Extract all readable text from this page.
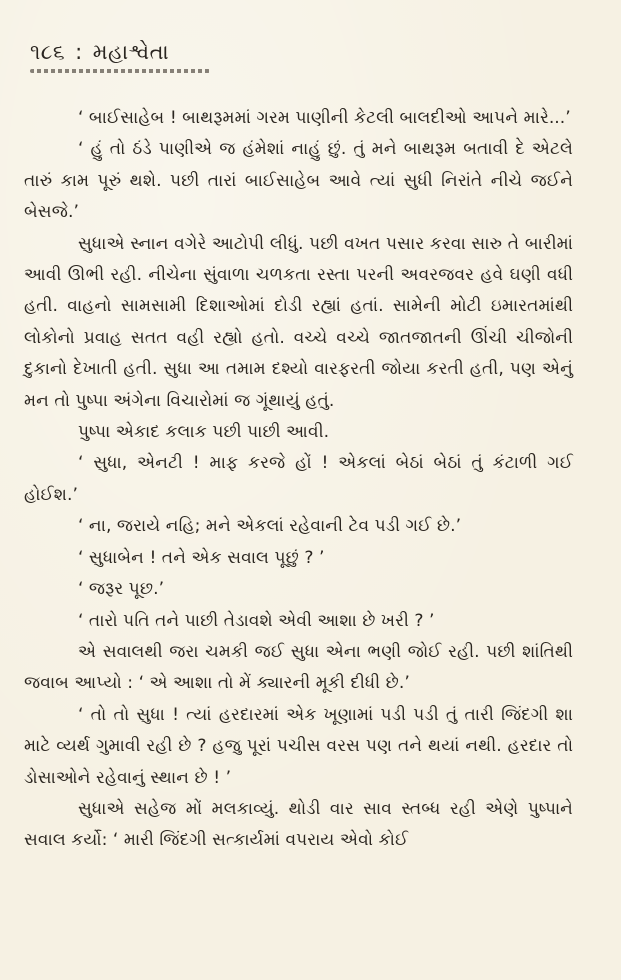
૧૮૬ : મહાશ્વેતા

‘ બાઈસાહેબ ! બાથરૂમમાં ગરમ પાણીની કેટલી બાલદીઓ આપને મારે...’

‘ હું તો ઠંડે પાણીએ જ હંમેશાં નાહું છું. તું મને બાથરૂમ બતાવી દે એટલે તારું કામ પૂરું થશે. પછી તારાં બાઈસાહેબ આવે ત્યાં સુધી નિરાંતે નીચે જઈને બેસજે.’

સુધાએ સ્નાન વગેરે આટોપી લીધું. પછી વખત પસાર કરવા સારુ તે બારીમાં આવી ઊભી રહી. નીચેના સુંવાળા ચળકતા રસ્તા પરની અવરજવર હવે ઘણી વધી હતી. વાહનો સામસામી દિશાઓમાં દોડી રહ્યાં હતાં. સામેની મોટી ઇમારતમાંથી લોકોનો પ્રવાહ સતત વહી રહ્યો હતો. વચ્ચે વચ્ચે જાતજાતની ઊંચી ચીજોની દુકાનો દેખાતી હતી. સુધા આ તમામ દશ્યો વારફરતી જોયા કરતી હતી, પણ એનું મન તો પુષ્પા અંગેના વિચારોમાં જ ગૂંથાયું હતું.

પુષ્પા એકાદ કલાક પછી પાછી આવી.

‘ સુધા, એનટી ! માફ કરજે હોં ! એકલાં બેઠાં બેઠાં તું કંટાળી ગઈ હોઈશ.’

‘ ના, જરાયે નહિ; મને એકલાં રહેવાની ટેવ પડી ગઈ છે.’

‘ સુધાબેન ! તને એક સવાલ પૂછું ? ’

‘ જરૂર પૂછ.’

‘ તારો પતિ તને પાછી તેડાવશે એવી આશા છે ખરી ? ’

એ સવાલથી જરા ચમકી જઈ સુધા એના ભણી જોઈ રહી. પછી શાંતિથી જવાબ આપ્યો : ‘ એ આશા તો મેં ક્યારની મૂકી દીધી છે.’

‘ તો તો સુધા ! ત્યાં હરદારમાં એક ખૂણામાં પડી પડી તું તારી જિંદગી શા માટે વ્યર્થ ગુમાવી રહી છે ? હજુ પૂરાં પચીસ વરસ પણ તને થયાં નથી. હરદાર તો ડોસાઓને રહેવાનું સ્થાન છે ! ’

સુધાએ સહેજ મોં મલકાવ્યું. થોડી વાર સાવ સ્તબ્ધ રહી એણે પુષ્પાને સવાલ કર્યો: ‘ મારી જિંદગી સત્કાર્યમાં વપરાય એવો કોઈ
